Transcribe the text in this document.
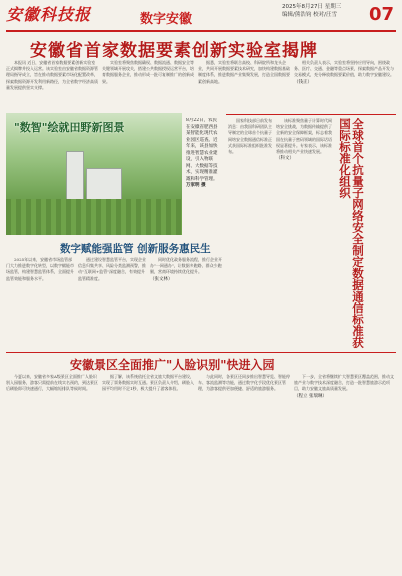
安徽科技报	数字安徽
2025年8月27日 星期三
编辑/熊浩钧 校对/汪雪 07
安徽省首家数据要素创新实验室揭牌

本报讯 近日，安徽省首家数据要素创新实验室正式揭牌并投入运营。该实验室由安徽省数据资源管理局指导成立，旨在推动数据要素市场化配置改革，探索数据资源开发利用新路径，为全省数字经济高质量发展提供坚实支撑。

实验室将聚焦数据确权、数据流通、数据安全等关键领域开展攻关，搭建公共数据授权运营平台，培育数据服务企业，推动形成一批可复制推广的创新成果。

据悉，实验室将联合高校、科研院所和龙头企业，共同开展数据要素技术研究，加快构建数据基础制度体系，推进数据产业集聚发展，打造全国数据要素创新高地。

相关负责人表示，实验室将坚持应用导向，围绕政务、医疗、交通、金融等重点场景，探索数据产品开发与交易模式，充分释放数据要素价值，助力数字安徽建设。

（钱正）
"数智"绘就田野新图景
8月22日，农民在安徽省肥西县某智能化现代农业园区巡查。近年来，该县加快推进智慧农业建设，引入物联网、大数据等技术，实现精准灌溉和科学管理。
万家明 摄
数字赋能强监管 创新服务惠民生

2025年以来，安徽省市场监管部门大力推进数字化转型，以数字赋能市场监管，构建智慧监管体系，全面提升监管效能和服务水平。

通过建设智慧监管平台，实现企业信息归集共享、风险分类监测预警，推动"互联网+监管"深度融合，有效提升监管精准度。

同时优化政务服务流程，推行企业开办"一网通办"，让数据多跑路、群众少跑腿，营商环境持续优化提升。

（张文林）

国家科技部日前发布消息：由我国科研团队主导制定的全球首个抗量子网络安全数据通信标准正式获国际标准组织批准发布。

该标准聚焦量子计算时代网络安全挑战，为数据传输提供了全新的安全保障框架，标志着我国在抗量子密码领域的国际话语权显著提升。专家表示，该标准将推动相关产业快速发展。

（科文）	全球首个抗量子网络安全制定数据通信标准获国际标准化组织
安徽景区全面推广"人脸识别"快进入园

今夏以来，安徽省多家A级景区全面推广人脸识别入园服务，游客只需提前在线实名预约，到达景区后刷脸即可快速通行，大幅缩短排队等候时间。

据了解，该系统依托全省文旅大数据平台建设，实现了票务数据实时互通。景区负责人介绍，刷脸入园平均用时不足1秒，极大提升了游客体验。

与此同时，各景区还同步推出智慧导览、智能停车、客流监测等功能，通过数字化手段优化景区管理，为游客提供更加便捷、舒适的旅游服务。

下一步，全省将继续扩大智慧景区覆盖范围，推动文旅产业与数字技术深度融合，打造一批智慧旅游示范项目，助力安徽文旅高质量发展。

（程立 张瑞琳）
